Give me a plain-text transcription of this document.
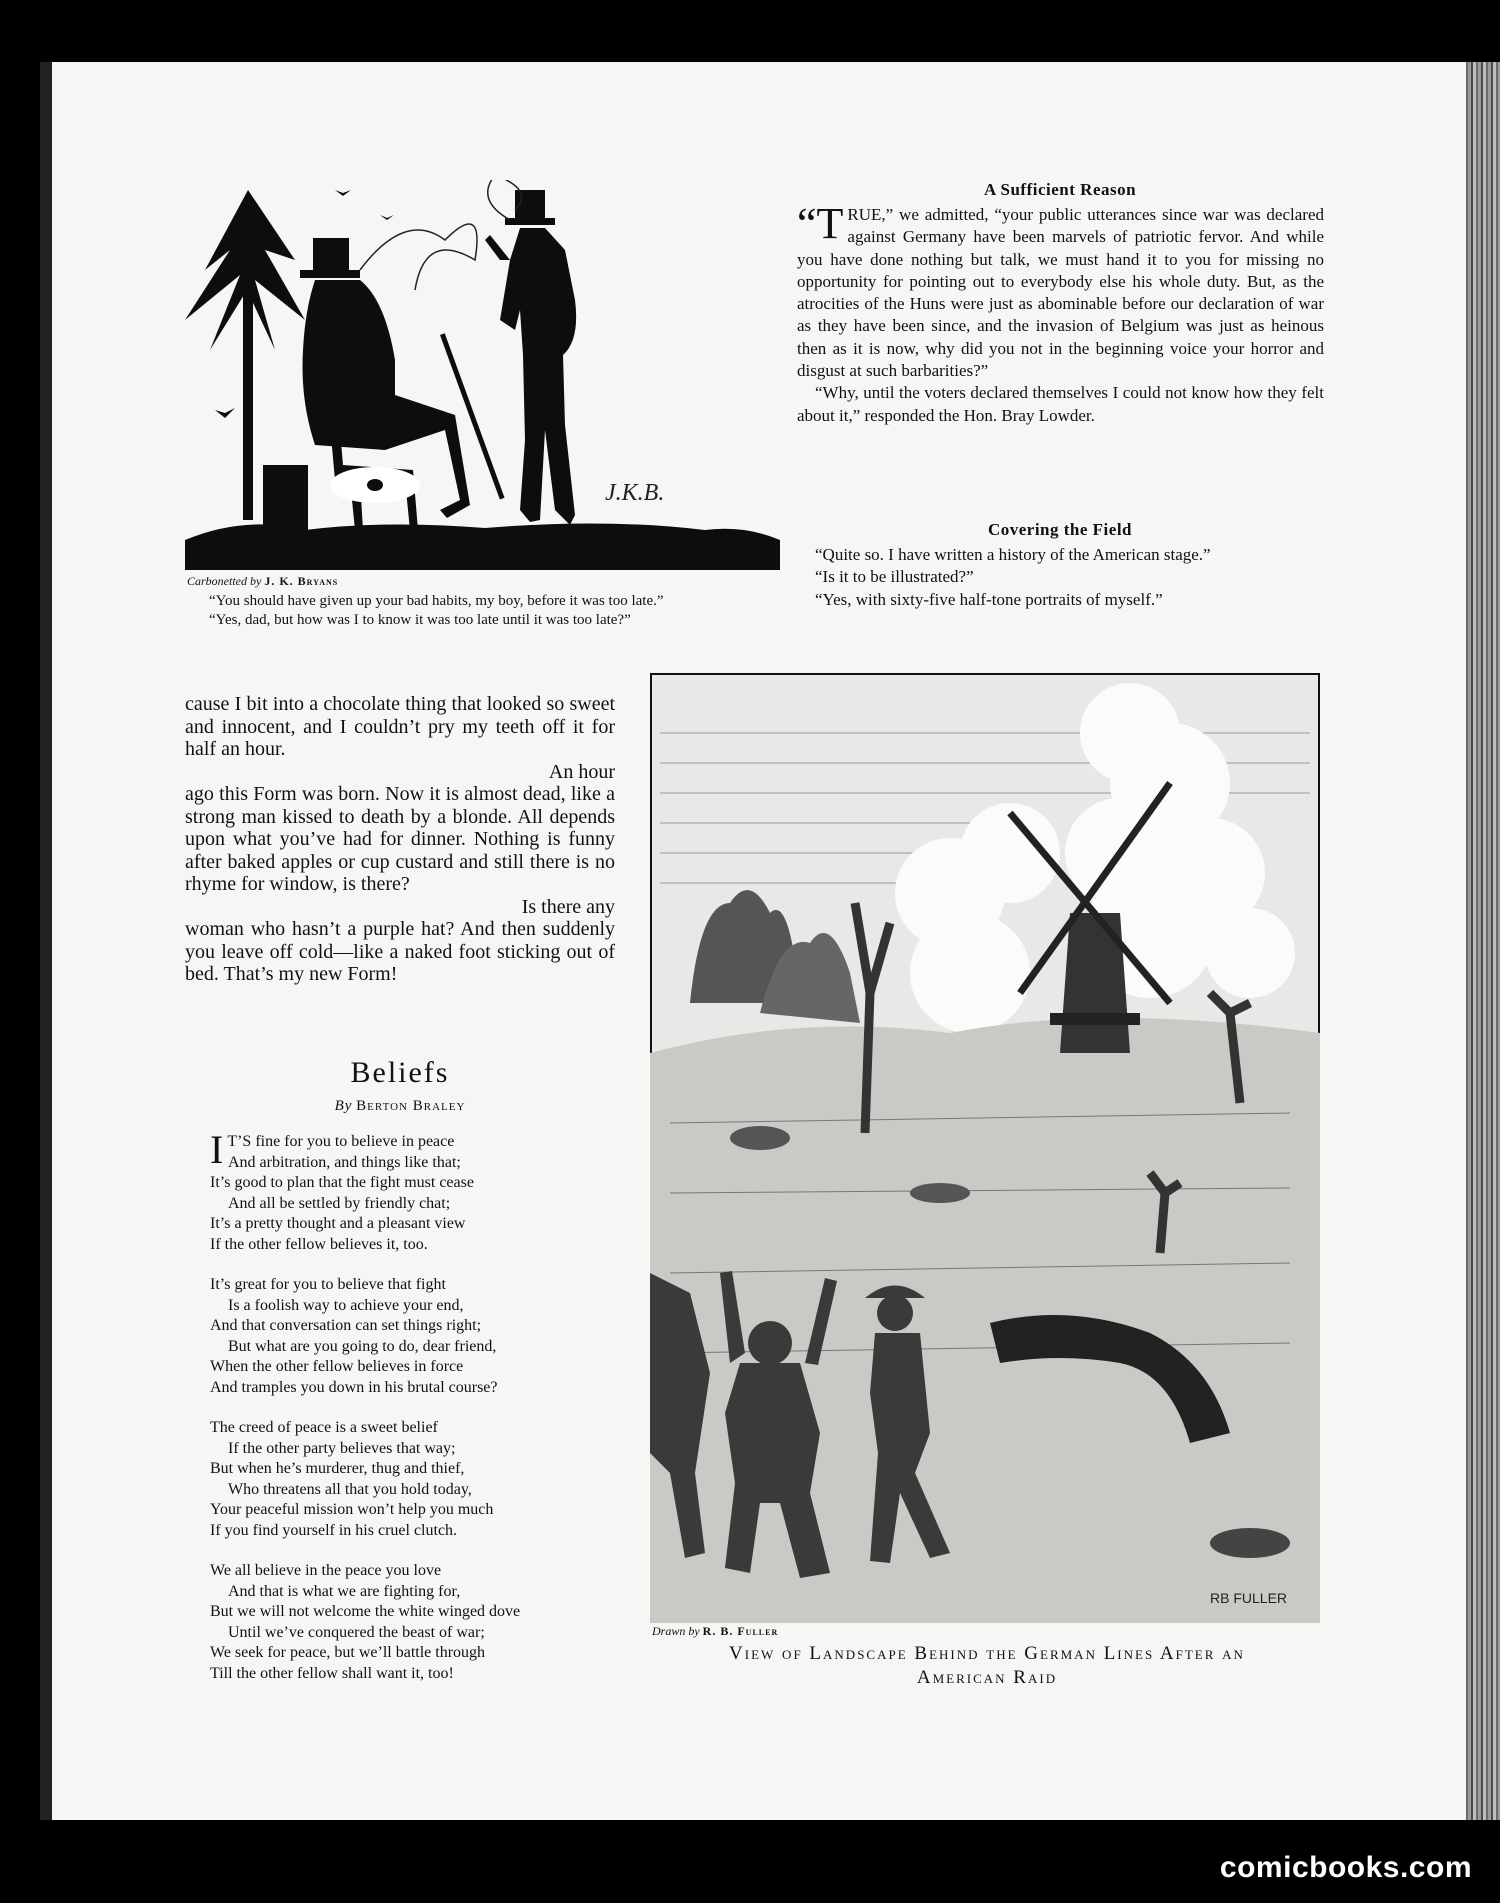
J.K.B.
Carbonetted by J. K. Bryans

“You should have given up your bad habits, my boy, before it was too late.”

“Yes, dad, but how was I to know it was too late until it was too late?”

A Sufficient Reason
“T RUE,” we admitted, “your public utterances since war was declared against Germany have been marvels of patriotic fervor. And while you have done nothing but talk, we must hand it to you for missing no opportunity for pointing out to everybody else his whole duty. But, as the atrocities of the Huns were just as abominable before our declaration of war as they have been since, and the invasion of Belgium was just as heinous then as it is now, why did you not in the beginning voice your horror and disgust at such barbarities?”

“Why, until the voters declared themselves I could not know how they felt about it,” responded the Hon. Bray Lowder.

Covering the Field

“Quite so. I have written a history of the American stage.”

“Is it to be illustrated?”

“Yes, with sixty-five half-tone portraits of myself.”

cause I bit into a chocolate thing that looked so sweet and innocent, and I couldn’t pry my teeth off it for half an hour.
An hour
ago this Form was born. Now it is almost dead, like a strong man kissed to death by a blonde. All depends upon what you’ve had for dinner. Nothing is funny after baked apples or cup custard and still there is no rhyme for window, is there?
Is there any
woman who hasn’t a purple hat? And then suddenly you leave off cold—like a naked foot sticking out of bed. That’s my new Form!
Beliefs
By Berton Braley
I T’S fine for you to believe in peace
And arbitration, and things like that;
It’s good to plan that the fight must cease
And all be settled by friendly chat;
It’s a pretty thought and a pleasant view
If the other fellow believes it, too.
It’s great for you to believe that fight
Is a foolish way to achieve your end,
And that conversation can set things right;
But what are you going to do, dear friend,
When the other fellow believes in force
And tramples you down in his brutal course?
The creed of peace is a sweet belief
If the other party believes that way;
But when he’s murderer, thug and thief,
Who threatens all that you hold today,
Your peaceful mission won’t help you much
If you find yourself in his cruel clutch.
We all believe in the peace you love
And that is what we are fighting for,
But we will not welcome the white winged dove
Until we’ve conquered the beast of war;
We seek for peace, but we’ll battle through
Till the other fellow shall want it, too!
RB FULLER
Drawn by R. B. Fuller
View of Landscape Behind the German Lines After an
American Raid
comicbooks.com
